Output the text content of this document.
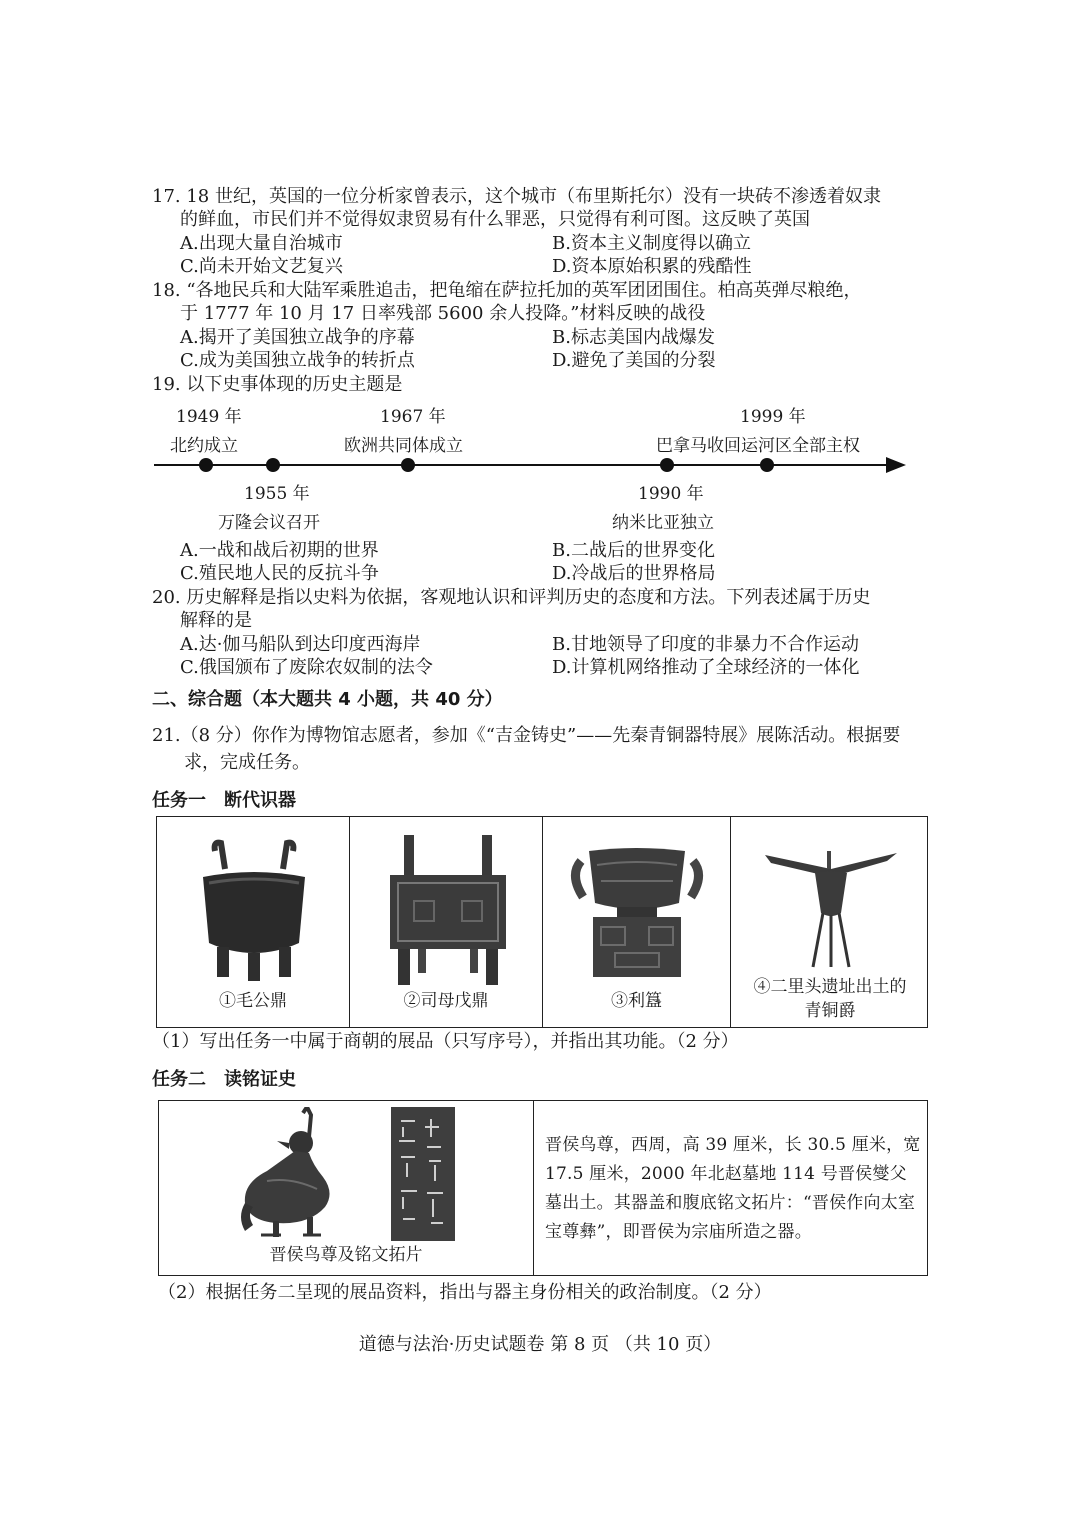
17. 18 世纪，英国的一位分析家曾表示，这个城市（布里斯托尔）没有一块砖不渗透着奴隶
的鲜血，市民们并不觉得奴隶贸易有什么罪恶，只觉得有利可图。这反映了英国
A.出现大量自治城市	B.资本主义制度得以确立
C.尚未开始文艺复兴	D.资本原始积累的残酷性
18. “各地民兵和大陆军乘胜追击，把龟缩在萨拉托加的英军团团围住。柏高英弹尽粮绝，
于 1777 年 10 月 17 日率残部 5600 余人投降。”材料反映的战役
A.揭开了美国独立战争的序幕	B.标志美国内战爆发
C.成为美国独立战争的转折点	D.避免了美国的分裂
19. 以下史事体现的历史主题是
1949 年
北约成立
1967 年
欧洲共同体成立
1999 年
巴拿马收回运河区全部主权
1955 年
万隆会议召开
1990 年
纳米比亚独立
A.一战和战后初期的世界	B.二战后的世界变化
C.殖民地人民的反抗斗争	D.冷战后的世界格局
20. 历史解释是指以史料为依据，客观地认识和评判历史的态度和方法。下列表述属于历史
解释的是
A.达·伽马船队到达印度西海岸	B.甘地领导了印度的非暴力不合作运动
C.俄国颁布了废除农奴制的法令	D.计算机网络推动了全球经济的一体化
二、综合题（本大题共 4 小题，共 40 分）
21.（8 分）你作为博物馆志愿者，参加《“吉金铸史”——先秦青铜器特展》展陈活动。根据要
求，完成任务。
任务一　断代识器
①毛公鼎	②司母戊鼎	③利簋
④二里头遗址出土的
青铜爵
（1）写出任务一中属于商朝的展品（只写序号），并指出其功能。（2 分）
任务二　读铭证史
晋侯鸟尊及铭文拓片
晋侯鸟尊，西周，高 39 厘米，长 30.5 厘米，宽 17.5 厘米，2000 年北赵墓地 114 号晋侯燮父墓出土。其器盖和腹底铭文拓片：“晋侯作向太室宝尊彝”，即晋侯为宗庙所造之器。
（2）根据任务二呈现的展品资料，指出与器主身份相关的政治制度。（2 分）
道德与法治·历史试题卷 第 8 页 （共 10 页）
